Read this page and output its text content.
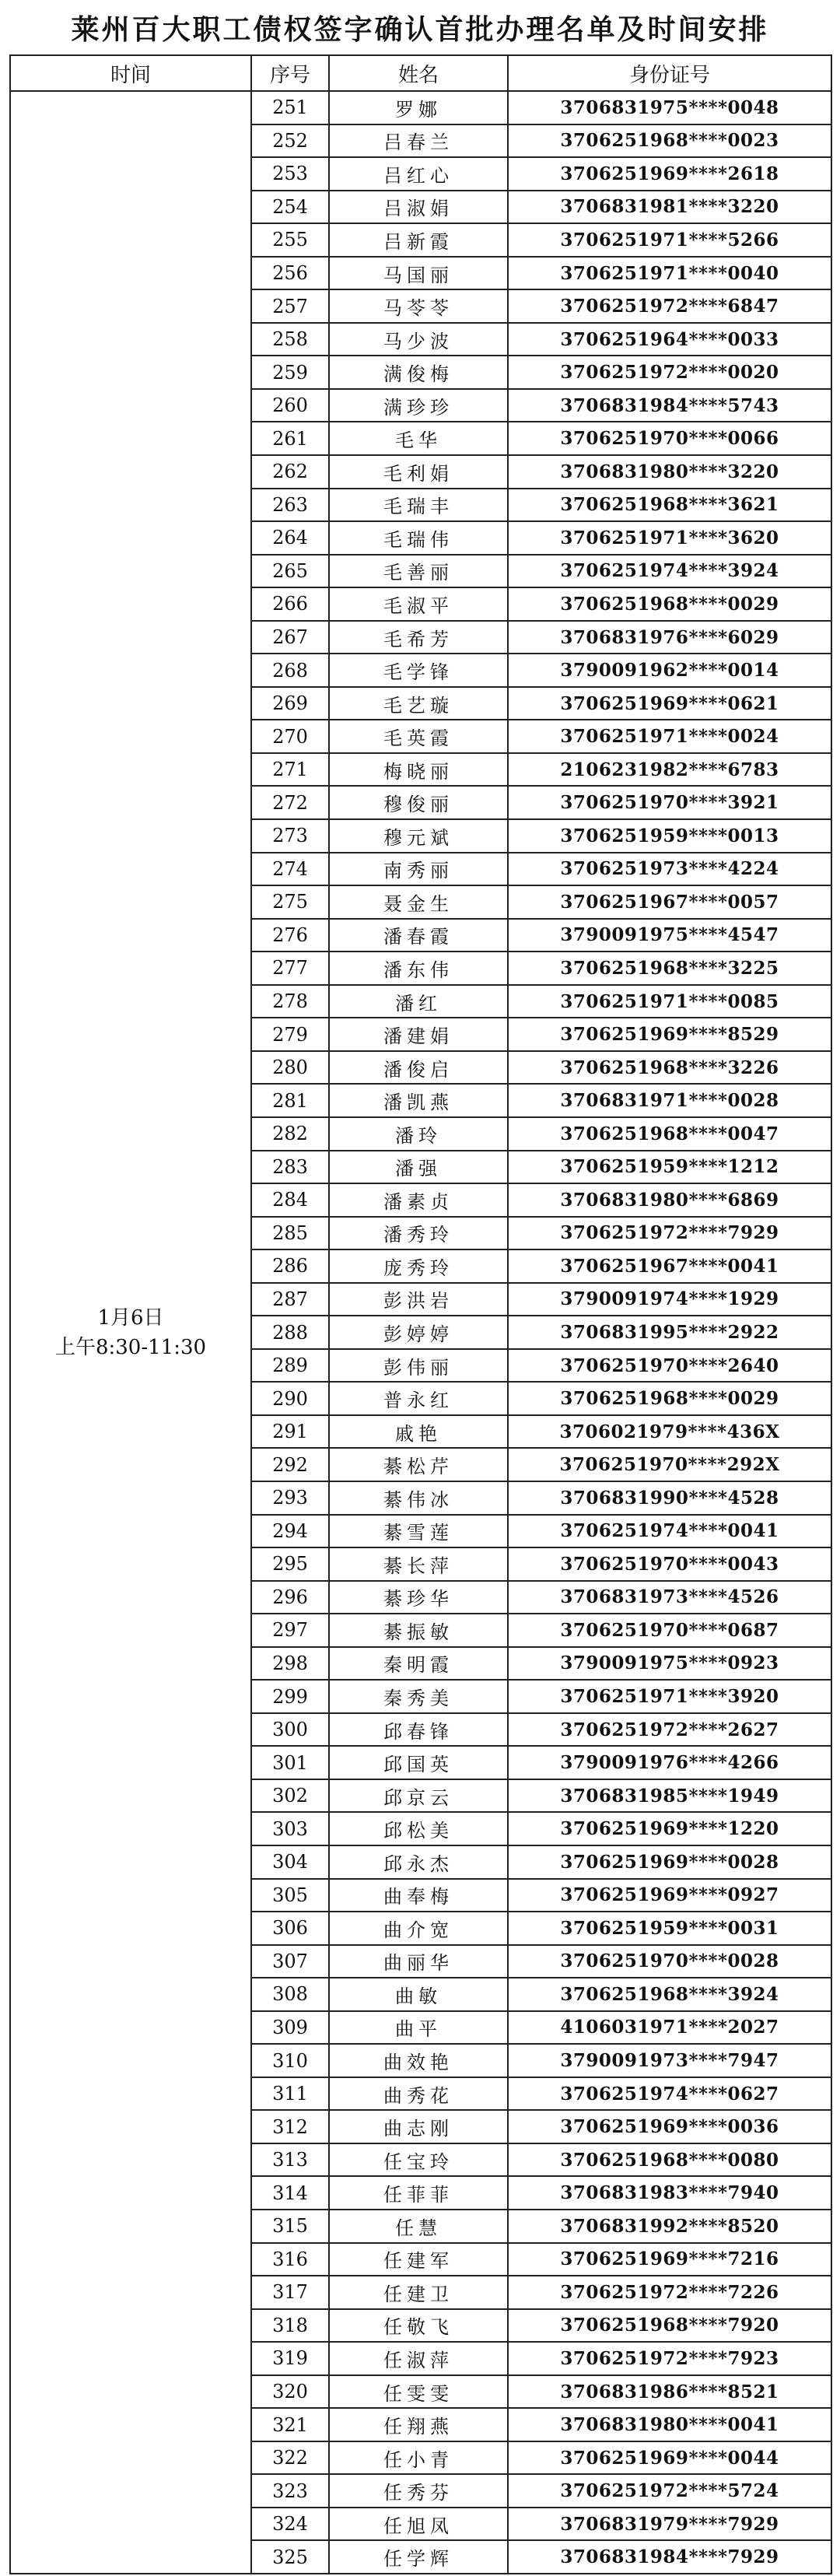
莱州百大职工债权签字确认首批办理名单及时间安排
时间	序号	姓名	身份证号

1月6日
上午8:30-11:30	251	罗娜	3706831975****0048
	252	吕春兰	3706251968****0023
	253	吕红心	3706251969****2618
	254	吕淑娟	3706831981****3220
	255	吕新霞	3706251971****5266
	256	马国丽	3706251971****0040
	257	马苓苓	3706251972****6847
	258	马少波	3706251964****0033
	259	满俊梅	3706251972****0020
	260	满珍珍	3706831984****5743
	261	毛华	3706251970****0066
	262	毛利娟	3706831980****3220
	263	毛瑞丰	3706251968****3621
	264	毛瑞伟	3706251971****3620
	265	毛善丽	3706251974****3924
	266	毛淑平	3706251968****0029
	267	毛希芳	3706831976****6029
	268	毛学锋	3790091962****0014
	269	毛艺璇	3706251969****0621
	270	毛英霞	3706251971****0024
	271	梅晓丽	2106231982****6783
	272	穆俊丽	3706251970****3921
	273	穆元斌	3706251959****0013
	274	南秀丽	3706251973****4224
	275	聂金生	3706251967****0057
	276	潘春霞	3790091975****4547
	277	潘东伟	3706251968****3225
	278	潘红	3706251971****0085
	279	潘建娟	3706251969****8529
	280	潘俊启	3706251968****3226
	281	潘凯燕	3706831971****0028
	282	潘玲	3706251968****0047
	283	潘强	3706251959****1212
	284	潘素贞	3706831980****6869
	285	潘秀玲	3706251972****7929
	286	庞秀玲	3706251967****0041
	287	彭洪岩	3790091974****1929
	288	彭婷婷	3706831995****2922
	289	彭伟丽	3706251970****2640
	290	普永红	3706251968****0029
	291	戚艳	3706021979****436X
	292	綦松芹	3706251970****292X
	293	綦伟冰	3706831990****4528
	294	綦雪莲	3706251974****0041
	295	綦长萍	3706251970****0043
	296	綦珍华	3706831973****4526
	297	綦振敏	3706251970****0687
	298	秦明霞	3790091975****0923
	299	秦秀美	3706251971****3920
	300	邱春锋	3706251972****2627
	301	邱国英	3790091976****4266
	302	邱京云	3706831985****1949
	303	邱松美	3706251969****1220
	304	邱永杰	3706251969****0028
	305	曲奉梅	3706251969****0927
	306	曲介宽	3706251959****0031
	307	曲丽华	3706251970****0028
	308	曲敏	3706251968****3924
	309	曲平	4106031971****2027
	310	曲效艳	3790091973****7947
	311	曲秀花	3706251974****0627
	312	曲志刚	3706251969****0036
	313	任宝玲	3706251968****0080
	314	任菲菲	3706831983****7940
	315	任慧	3706831992****8520
	316	任建军	3706251969****7216
	317	任建卫	3706251972****7226
	318	任敬飞	3706251968****7920
	319	任淑萍	3706251972****7923
	320	任雯雯	3706831986****8521
	321	任翔燕	3706831980****0041
	322	任小青	3706251969****0044
	323	任秀芬	3706251972****5724
	324	任旭凤	3706831979****7929
	325	任学辉	3706831984****7929
